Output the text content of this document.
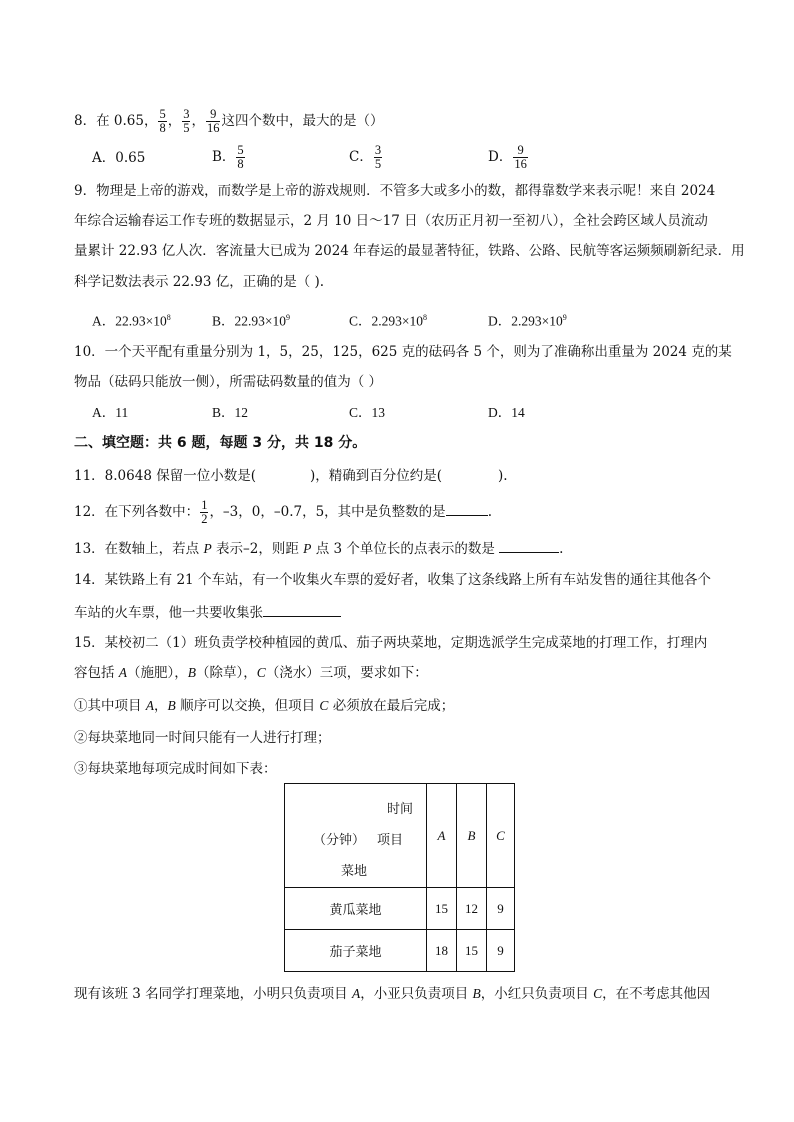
8．在 0.65， $\frac{5}{8}$ ， $\frac{3}{5}$ ， $\frac{9}{16}$ 这四个数中，最大的是（）
A．0.65	B． $\frac{5}{8}$	C． $\frac{3}{5}$	D． $\frac{9}{16}$
9．物理是上帝的游戏，而数学是上帝的游戏规则．不管多大或多小的数，都得靠数学来表示呢！来自 2024
年综合运输春运工作专班的数据显示，2 月 10 日～17 日（农历正月初一至初八），全社会跨区域人员流动
量累计 22.93 亿人次．客流量大已成为 2024 年春运的最显著特征，铁路、公路、民航等客运频频刷新纪录．用
科学记数法表示 22.93 亿，正确的是（ ).
A．$22.93\times 10^8$	B．$22.93\times 10^9$	C．$2.293\times 10^8$	D．$2.293\times 10^9$
10．一个天平配有重量分别为 1，5，25，125，625 克的砝码各 5 个，则为了准确称出重量为 2024 克的某
物品（砝码只能放一侧），所需砝码数量的值为（ ）
A．11	B．12	C．13	D．14
二、填空题：共 6 题，每题 3 分，共 18 分。
11．8.0648 保留一位小数是(	)，精确到百分位约是(	).
12．在下列各数中： $\frac{1}{2}$ ，–3，0，–0.7，5，其中是负整数的是	.
13．在数轴上，若点 P 表示–2，则距 P 点 3 个单位长的点表示的数是	.
14．某铁路上有 21 个车站，有一个收集火车票的爱好者，收集了这条线路上所有车站发售的通往其他各个
车站的火车票，他一共要收集张
15．某校初二（1）班负责学校种植园的黄瓜、茄子两块菜地，定期选派学生完成菜地的打理工作，打理内
容包括 A（施肥），B（除草），C（浇水）三项，要求如下：
①其中项目 A，B 顺序可以交换，但项目 C 必须放在最后完成；
②每块菜地同一时间只能有一人进行打理；
③每块菜地每项完成时间如下表：
时间
（分钟） 项目
菜地	A	B	C
黄瓜菜地	15	12	9
茄子菜地	18	15	9
现有该班 3 名同学打理菜地，小明只负责项目 A，小亚只负责项目 B，小红只负责项目 C，在不考虑其他因
